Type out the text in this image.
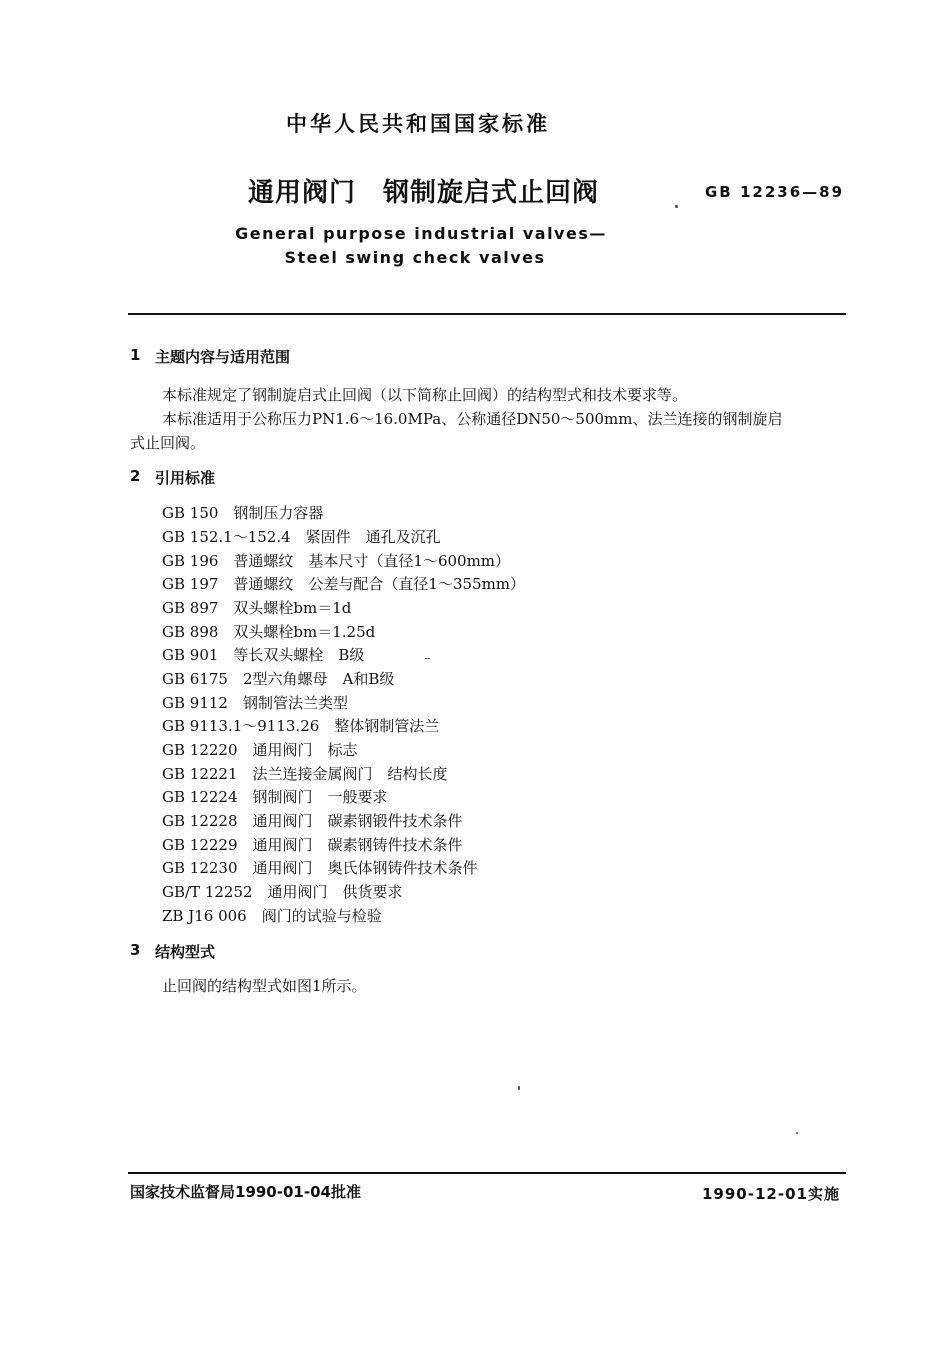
中华人民共和国国家标准
通用阀门　钢制旋启式止回阀	GB 12236—89
General purpose industrial valves—
Steel swing check valves
1 主题内容与适用范围
本标准规定了钢制旋启式止回阀（以下简称止回阀）的结构型式和技术要求等。
本标准适用于公称压力PN1.6～16.0MPa、公称通径DN50～500mm、法兰连接的钢制旋启
式止回阀。
2 引用标准
GB 150　钢制压力容器
GB 152.1～152.4　紧固件　通孔及沉孔
GB 196　普通螺纹　基本尺寸（直径1～600mm）
GB 197　普通螺纹　公差与配合（直径1～355mm）
GB 897　双头螺栓bm＝1d
GB 898　双头螺栓bm＝1.25d
GB 901　等长双头螺栓　B级
GB 6175　2型六角螺母　A和B级
GB 9112　钢制管法兰类型
GB 9113.1～9113.26　整体钢制管法兰
GB 12220　通用阀门　标志
GB 12221　法兰连接金属阀门　结构长度
GB 12224　钢制阀门　一般要求
GB 12228　通用阀门　碳素钢锻件技术条件
GB 12229　通用阀门　碳素钢铸件技术条件
GB 12230　通用阀门　奥氏体钢铸件技术条件
GB/T 12252　通用阀门　供货要求
ZB J16 006　阀门的试验与检验
3 结构型式
止回阀的结构型式如图1所示。
国家技术监督局1990-01-04批准	1990-12-01实施
